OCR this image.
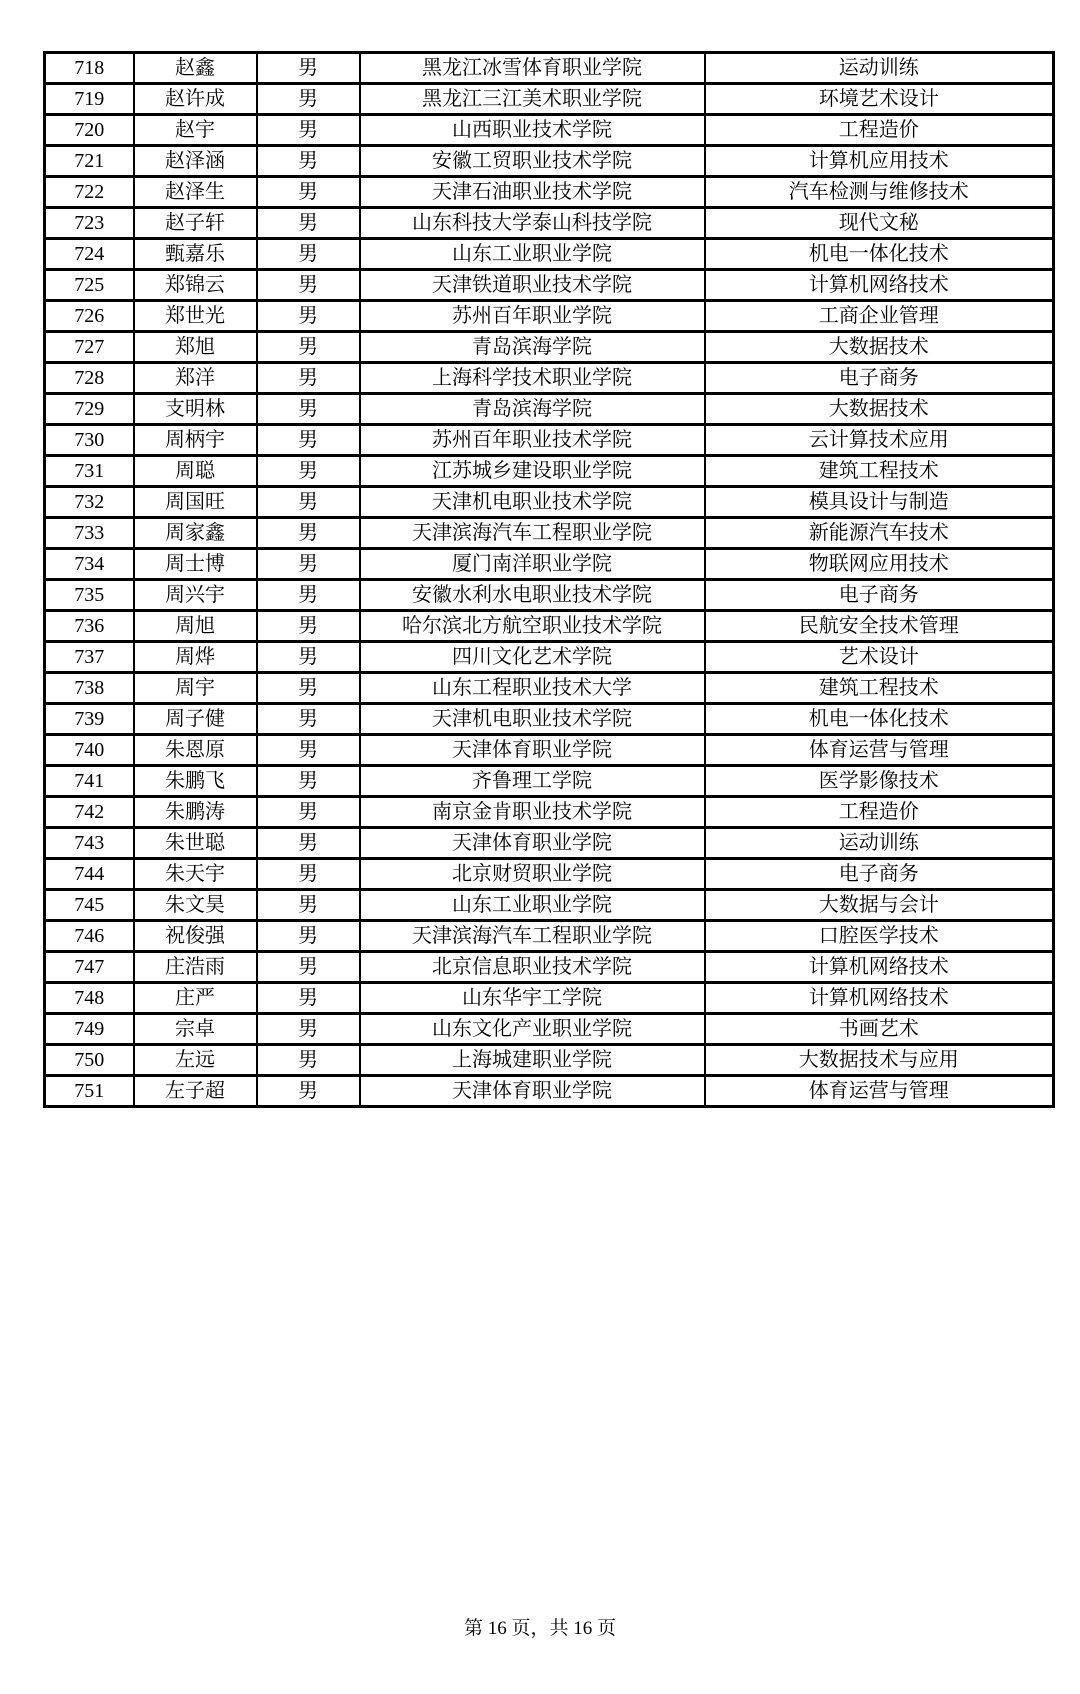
718	赵鑫	男	黑龙江冰雪体育职业学院	运动训练
719	赵许成	男	黑龙江三江美术职业学院	环境艺术设计
720	赵宇	男	山西职业技术学院	工程造价
721	赵泽涵	男	安徽工贸职业技术学院	计算机应用技术
722	赵泽生	男	天津石油职业技术学院	汽车检测与维修技术
723	赵子轩	男	山东科技大学泰山科技学院	现代文秘
724	甄嘉乐	男	山东工业职业学院	机电一体化技术
725	郑锦云	男	天津铁道职业技术学院	计算机网络技术
726	郑世光	男	苏州百年职业学院	工商企业管理
727	郑旭	男	青岛滨海学院	大数据技术
728	郑洋	男	上海科学技术职业学院	电子商务
729	支明林	男	青岛滨海学院	大数据技术
730	周柄宇	男	苏州百年职业技术学院	云计算技术应用
731	周聪	男	江苏城乡建设职业学院	建筑工程技术
732	周国旺	男	天津机电职业技术学院	模具设计与制造
733	周家鑫	男	天津滨海汽车工程职业学院	新能源汽车技术
734	周士博	男	厦门南洋职业学院	物联网应用技术
735	周兴宇	男	安徽水利水电职业技术学院	电子商务
736	周旭	男	哈尔滨北方航空职业技术学院	民航安全技术管理
737	周烨	男	四川文化艺术学院	艺术设计
738	周宇	男	山东工程职业技术大学	建筑工程技术
739	周子健	男	天津机电职业技术学院	机电一体化技术
740	朱恩原	男	天津体育职业学院	体育运营与管理
741	朱鹏飞	男	齐鲁理工学院	医学影像技术
742	朱鹏涛	男	南京金肯职业技术学院	工程造价
743	朱世聪	男	天津体育职业学院	运动训练
744	朱天宇	男	北京财贸职业学院	电子商务
745	朱文昊	男	山东工业职业学院	大数据与会计
746	祝俊强	男	天津滨海汽车工程职业学院	口腔医学技术
747	庄浩雨	男	北京信息职业技术学院	计算机网络技术
748	庄严	男	山东华宇工学院	计算机网络技术
749	宗卓	男	山东文化产业职业学院	书画艺术
750	左远	男	上海城建职业学院	大数据技术与应用
751	左子超	男	天津体育职业学院	体育运营与管理
第 16 页，共 16 页
